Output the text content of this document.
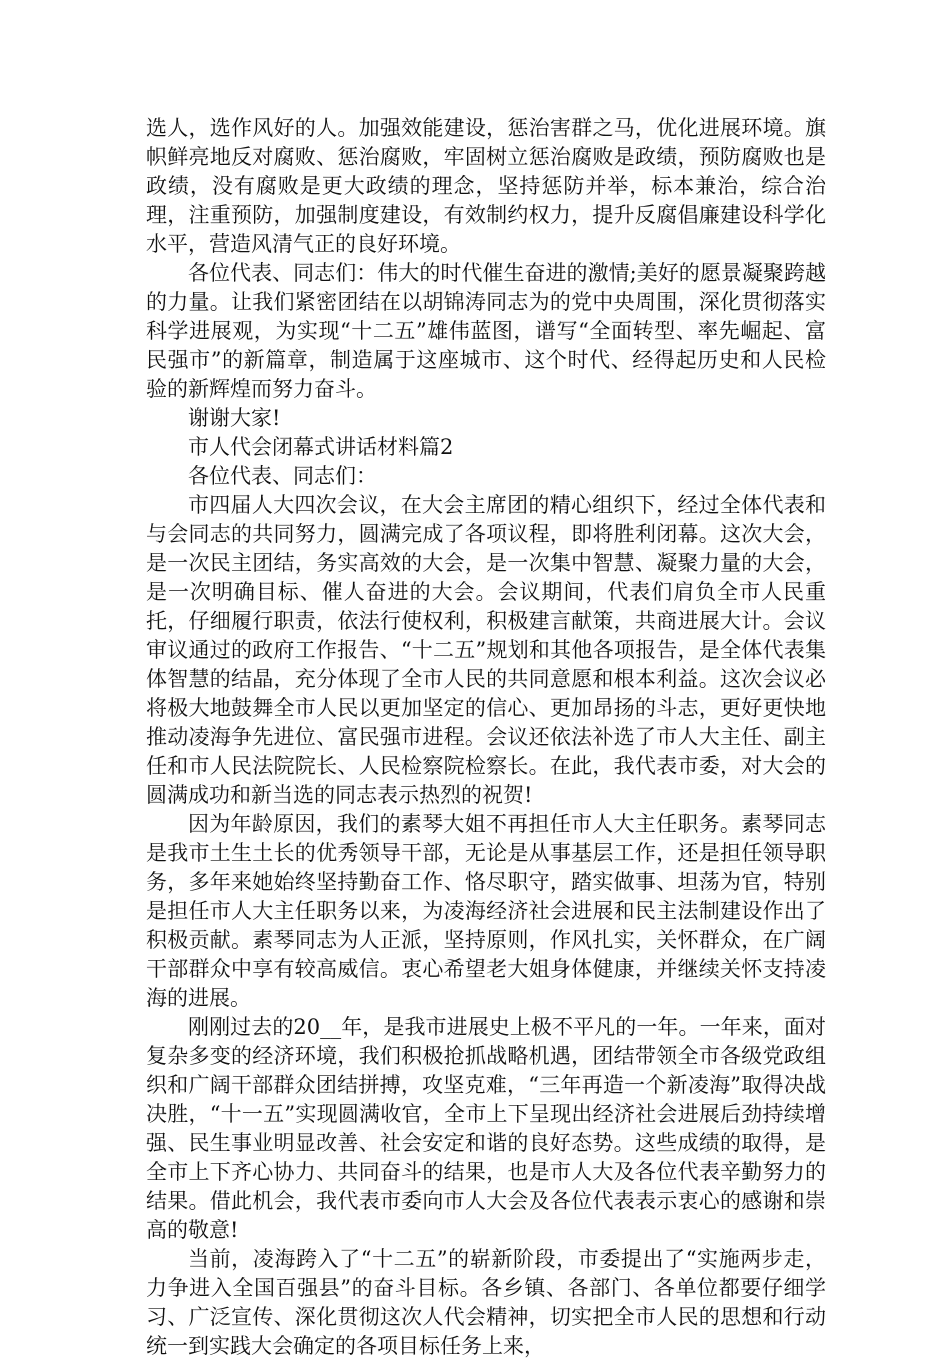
选人，选作风好的人。加强效能建设，惩治害群之马，优化进展环境。旗帜鲜亮地反对腐败、惩治腐败，牢固树立惩治腐败是政绩，预防腐败也是政绩，没有腐败是更大政绩的理念，坚持惩防并举，标本兼治，综合治理，注重预防，加强制度建设，有效制约权力，提升反腐倡廉建设科学化水平，营造风清气正的良好环境。

各位代表、同志们：伟大的时代催生奋进的激情;美好的愿景凝聚跨越的力量。让我们紧密团结在以胡锦涛同志为的党中央周围，深化贯彻落实科学进展观，为实现“十二五”雄伟蓝图，谱写“全面转型、率先崛起、富民强市”的新篇章，制造属于这座城市、这个时代、经得起历史和人民检验的新辉煌而努力奋斗。

谢谢大家!

市人代会闭幕式讲话材料篇2

各位代表、同志们：

市四届人大四次会议，在大会主席团的精心组织下，经过全体代表和与会同志的共同努力，圆满完成了各项议程，即将胜利闭幕。这次大会，是一次民主团结，务实高效的大会，是一次集中智慧、凝聚力量的大会，是一次明确目标、催人奋进的大会。会议期间，代表们肩负全市人民重托，仔细履行职责，依法行使权利，积极建言献策，共商进展大计。会议审议通过的政府工作报告、“十二五”规划和其他各项报告，是全体代表集体智慧的结晶，充分体现了全市人民的共同意愿和根本利益。这次会议必将极大地鼓舞全市人民以更加坚定的信心、更加昂扬的斗志，更好更快地推动凌海争先进位、富民强市进程。会议还依法补选了市人大主任、副主任和市人民法院院长、人民检察院检察长。在此，我代表市委，对大会的圆满成功和新当选的同志表示热烈的祝贺!

因为年龄原因，我们的素琴大姐不再担任市人大主任职务。素琴同志是我市土生土长的优秀领导干部，无论是从事基层工作，还是担任领导职务，多年来她始终坚持勤奋工作、恪尽职守，踏实做事、坦荡为官，特别是担任市人大主任职务以来，为凌海经济社会进展和民主法制建设作出了积极贡献。素琴同志为人正派，坚持原则，作风扎实，关怀群众，在广阔干部群众中享有较高威信。衷心希望老大姐身体健康，并继续关怀支持凌海的进展。

刚刚过去的20__年，是我市进展史上极不平凡的一年。一年来，面对复杂多变的经济环境，我们积极抢抓战略机遇，团结带领全市各级党政组织和广阔干部群众团结拼搏，攻坚克难，“三年再造一个新凌海”取得决战决胜，“十一五”实现圆满收官，全市上下呈现出经济社会进展后劲持续增强、民生事业明显改善、社会安定和谐的良好态势。这些成绩的取得，是全市上下齐心协力、共同奋斗的结果，也是市人大及各位代表辛勤努力的结果。借此机会，我代表市委向市人大会及各位代表表示衷心的感谢和崇高的敬意!

当前，凌海跨入了“十二五”的崭新阶段，市委提出了“实施两步走，力争进入全国百强县”的奋斗目标。各乡镇、各部门、各单位都要仔细学习、广泛宣传、深化贯彻这次人代会精神，切实把全市人民的思想和行动统一到实践大会确定的各项目标任务上来，
